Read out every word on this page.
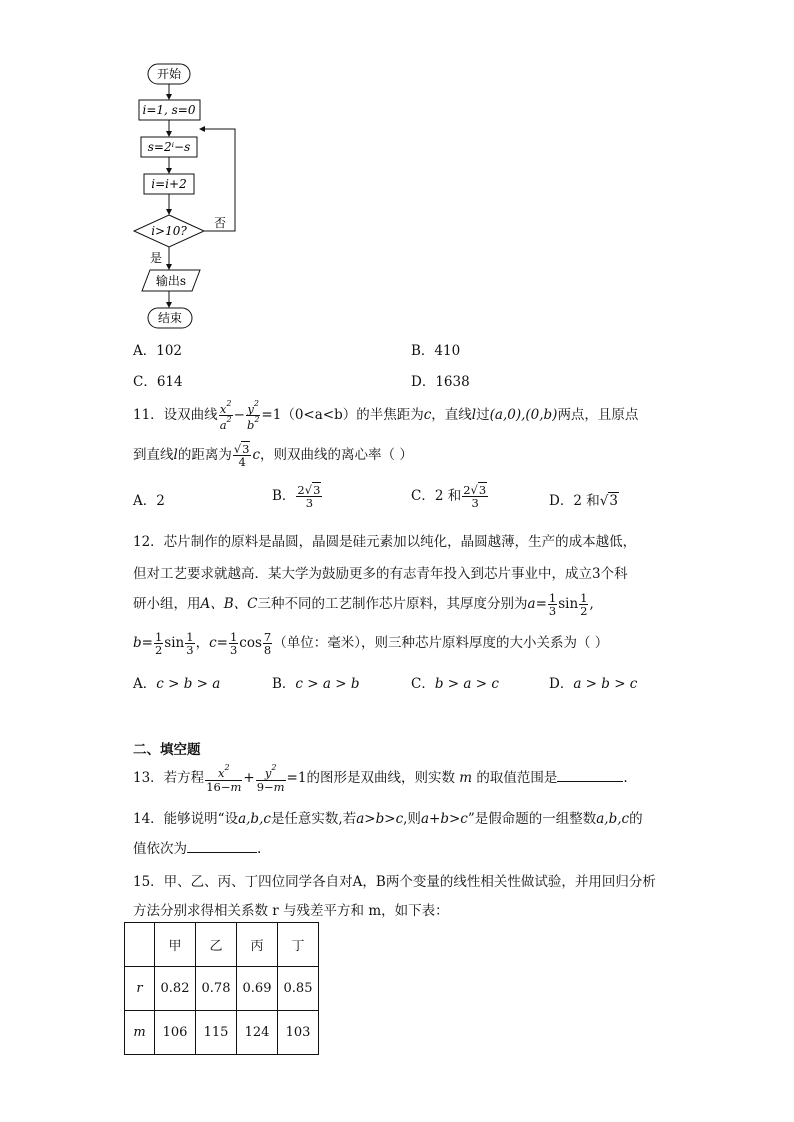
开始
i=1, s=0
s=2ⁱ−s
i=i+2
i>10?
否
是
输出s
结束
A．102	B．410
C．614	D．1638
11．设双曲线 $\frac{x^2}{a^2} - \frac{y^2}{b^2} =1(0<a<b)$的半焦距为c，直线l过(a,0),(0,b)两点，且原点
到直线l的距离为 $\frac{√3}{4}$ c，则双曲线的离心率（ ）
A．2	B． $\frac{2√3}{3}$	C．2 和 $\frac{2√3}{3}$	D．2 和√3
12．芯片制作的原料是晶圆，晶圆是硅元素加以纯化，晶圆越薄，生产的成本越低，
但对工艺要求就越高．某大学为鼓励更多的有志青年投入到芯片事业中，成立3个科
研小组，用A、B、C三种不同的工艺制作芯片原料，其厚度分别为$a= \frac{1}{3}$ $\sin \frac{1}{2}$ ,
$b= \frac{1}{2}$ $\sin \frac{1}{3}$ ，$c= \frac{1}{3}$ $\cos \frac{7}{8}$ （单位：毫米），则三种芯片原料厚度的大小关系为（ ）
A．c > b > a	B．c > a > b	C．b > a > c	D．a > b > c
二、填空题
13．若方程 $\frac{x^2}{16-m} + \frac{y^2}{9-m} =1$的图形是双曲线，则实数 m 的取值范围是	.
14．能够说明“设a,b,c是任意实数,若a>b>c,则a+b>c”是假命题的一组整数a,b,c的
值依次为	.
15．甲、乙、丙、丁四位同学各自对A，B两个变量的线性相关性做试验，并用回归分析
方法分别求得相关系数 r 与残差平方和 m，如下表：
	甲	乙	丙	丁
r	0.82	0.78	0.69	0.85
m	106	115	124	103
